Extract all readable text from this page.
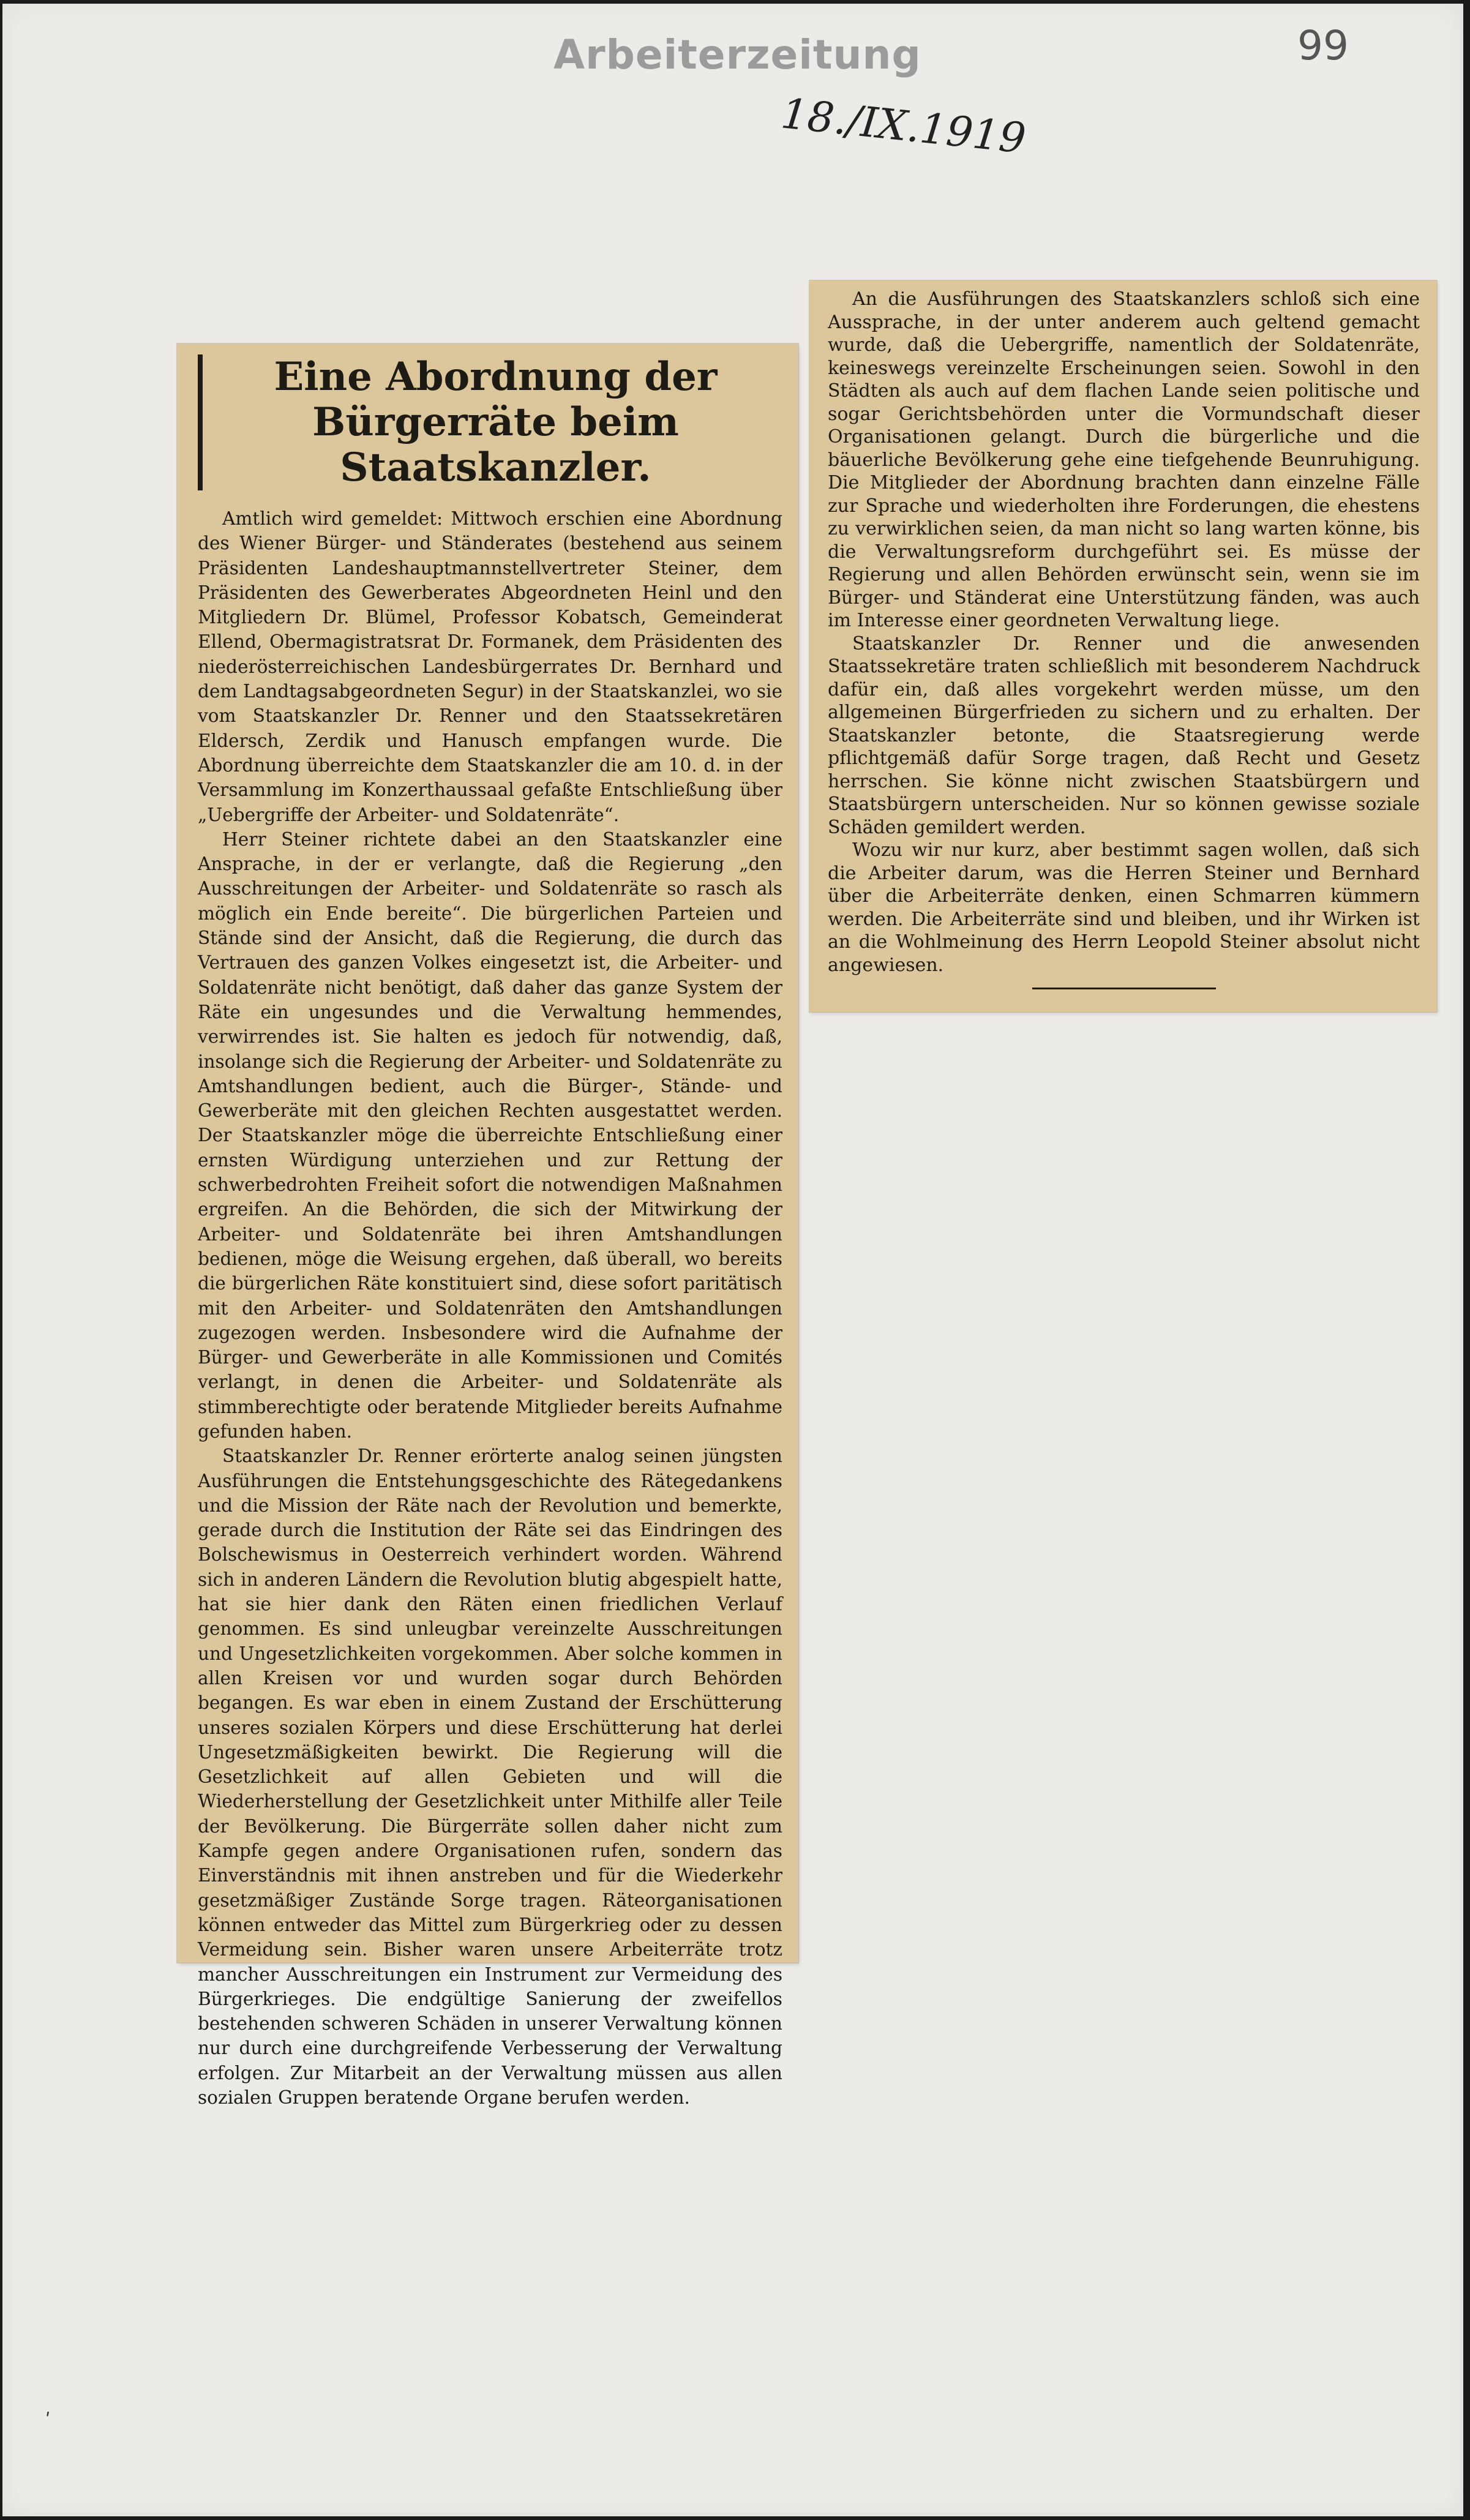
Arbeiterzeitung	99
18./IX.1919
Eine Abordnung der Bürgerräte beim Staatskanzler.

Amtlich wird gemeldet: Mittwoch erschien eine Abordnung des Wiener Bürger- und Ständerates (bestehend aus seinem Präsidenten Landeshauptmannstellvertreter Steiner, dem Präsidenten des Gewerberates Abgeordneten Heinl und den Mitgliedern Dr. Blümel, Professor Kobatsch, Gemeinderat Ellend, Obermagistratsrat Dr. Formanek, dem Präsidenten des niederösterreichischen Landesbürgerrates Dr. Bernhard und dem Landtagsabgeordneten Segur) in der Staatskanzlei, wo sie vom Staatskanzler Dr. Renner und den Staatssekretären Eldersch, Zerdik und Hanusch empfangen wurde. Die Abordnung überreichte dem Staatskanzler die am 10. d. in der Versammlung im Konzerthaussaal gefaßte Entschließung über „Uebergriffe der Arbeiter- und Soldatenräte“.

Herr Steiner richtete dabei an den Staatskanzler eine Ansprache, in der er verlangte, daß die Regierung „den Ausschreitungen der Arbeiter- und Soldatenräte so rasch als möglich ein Ende bereite“. Die bürgerlichen Parteien und Stände sind der Ansicht, daß die Regierung, die durch das Vertrauen des ganzen Volkes eingesetzt ist, die Arbeiter- und Soldatenräte nicht benötigt, daß daher das ganze System der Räte ein ungesundes und die Verwaltung hemmendes, verwirrendes ist. Sie halten es jedoch für notwendig, daß, insolange sich die Regierung der Arbeiter- und Soldatenräte zu Amtshandlungen bedient, auch die Bürger-, Stände- und Gewerberäte mit den gleichen Rechten ausgestattet werden. Der Staatskanzler möge die überreichte Entschließung einer ernsten Würdigung unterziehen und zur Rettung der schwerbedrohten Freiheit sofort die notwendigen Maßnahmen ergreifen. An die Behörden, die sich der Mitwirkung der Arbeiter- und Soldatenräte bei ihren Amtshandlungen bedienen, möge die Weisung ergehen, daß überall, wo bereits die bürgerlichen Räte konstituiert sind, diese sofort paritätisch mit den Arbeiter- und Soldatenräten den Amtshandlungen zugezogen werden. Insbesondere wird die Aufnahme der Bürger- und Gewerberäte in alle Kommissionen und Comités verlangt, in denen die Arbeiter- und Soldatenräte als stimmberechtigte oder beratende Mitglieder bereits Aufnahme gefunden haben.

Staatskanzler Dr. Renner erörterte analog seinen jüngsten Ausführungen die Entstehungsgeschichte des Rätegedankens und die Mission der Räte nach der Revolution und bemerkte, gerade durch die Institution der Räte sei das Eindringen des Bolschewismus in Oesterreich verhindert worden. Während sich in anderen Ländern die Revolution blutig abgespielt hatte, hat sie hier dank den Räten einen friedlichen Verlauf genommen. Es sind unleugbar vereinzelte Ausschreitungen und Ungesetzlichkeiten vorgekommen. Aber solche kommen in allen Kreisen vor und wurden sogar durch Behörden begangen. Es war eben in einem Zustand der Erschütterung unseres sozialen Körpers und diese Erschütterung hat derlei Ungesetzmäßigkeiten bewirkt. Die Regierung will die Gesetzlichkeit auf allen Gebieten und will die Wiederherstellung der Gesetzlichkeit unter Mithilfe aller Teile der Bevölkerung. Die Bürgerräte sollen daher nicht zum Kampfe gegen andere Organisationen rufen, sondern das Einverständnis mit ihnen anstreben und für die Wiederkehr gesetzmäßiger Zustände Sorge tragen. Räteorganisationen können entweder das Mittel zum Bürgerkrieg oder zu dessen Vermeidung sein. Bisher waren unsere Arbeiterräte trotz mancher Ausschreitungen ein Instrument zur Vermeidung des Bürgerkrieges. Die endgültige Sanierung der zweifellos bestehenden schweren Schäden in unserer Verwaltung können nur durch eine durchgreifende Verbesserung der Verwaltung erfolgen. Zur Mitarbeit an der Verwaltung müssen aus allen sozialen Gruppen beratende Organe berufen werden.

An die Ausführungen des Staatskanzlers schloß sich eine Aussprache, in der unter anderem auch geltend gemacht wurde, daß die Uebergriffe, namentlich der Soldatenräte, keineswegs vereinzelte Erscheinungen seien. Sowohl in den Städten als auch auf dem flachen Lande seien politische und sogar Gerichtsbehörden unter die Vormundschaft dieser Organisationen gelangt. Durch die bürgerliche und die bäuerliche Bevölkerung gehe eine tiefgehende Beunruhigung. Die Mitglieder der Abordnung brachten dann einzelne Fälle zur Sprache und wiederholten ihre Forderungen, die ehestens zu verwirklichen seien, da man nicht so lang warten könne, bis die Verwaltungsreform durchgeführt sei. Es müsse der Regierung und allen Behörden erwünscht sein, wenn sie im Bürger- und Ständerat eine Unterstützung fänden, was auch im Interesse einer geordneten Verwaltung liege.

Staatskanzler Dr. Renner und die anwesenden Staatssekretäre traten schließlich mit besonderem Nachdruck dafür ein, daß alles vorgekehrt werden müsse, um den allgemeinen Bürgerfrieden zu sichern und zu erhalten. Der Staatskanzler betonte, die Staatsregierung werde pflichtgemäß dafür Sorge tragen, daß Recht und Gesetz herrschen. Sie könne nicht zwischen Staatsbürgern und Staatsbürgern unterscheiden. Nur so können gewisse soziale Schäden gemildert werden.

Wozu wir nur kurz, aber bestimmt sagen wollen, daß sich die Arbeiter darum, was die Herren Steiner und Bernhard über die Arbeiterräte denken, einen Schmarren kümmern werden. Die Arbeiterräte sind und bleiben, und ihr Wirken ist an die Wohlmeinung des Herrn Leopold Steiner absolut nicht angewiesen.

ʹ
